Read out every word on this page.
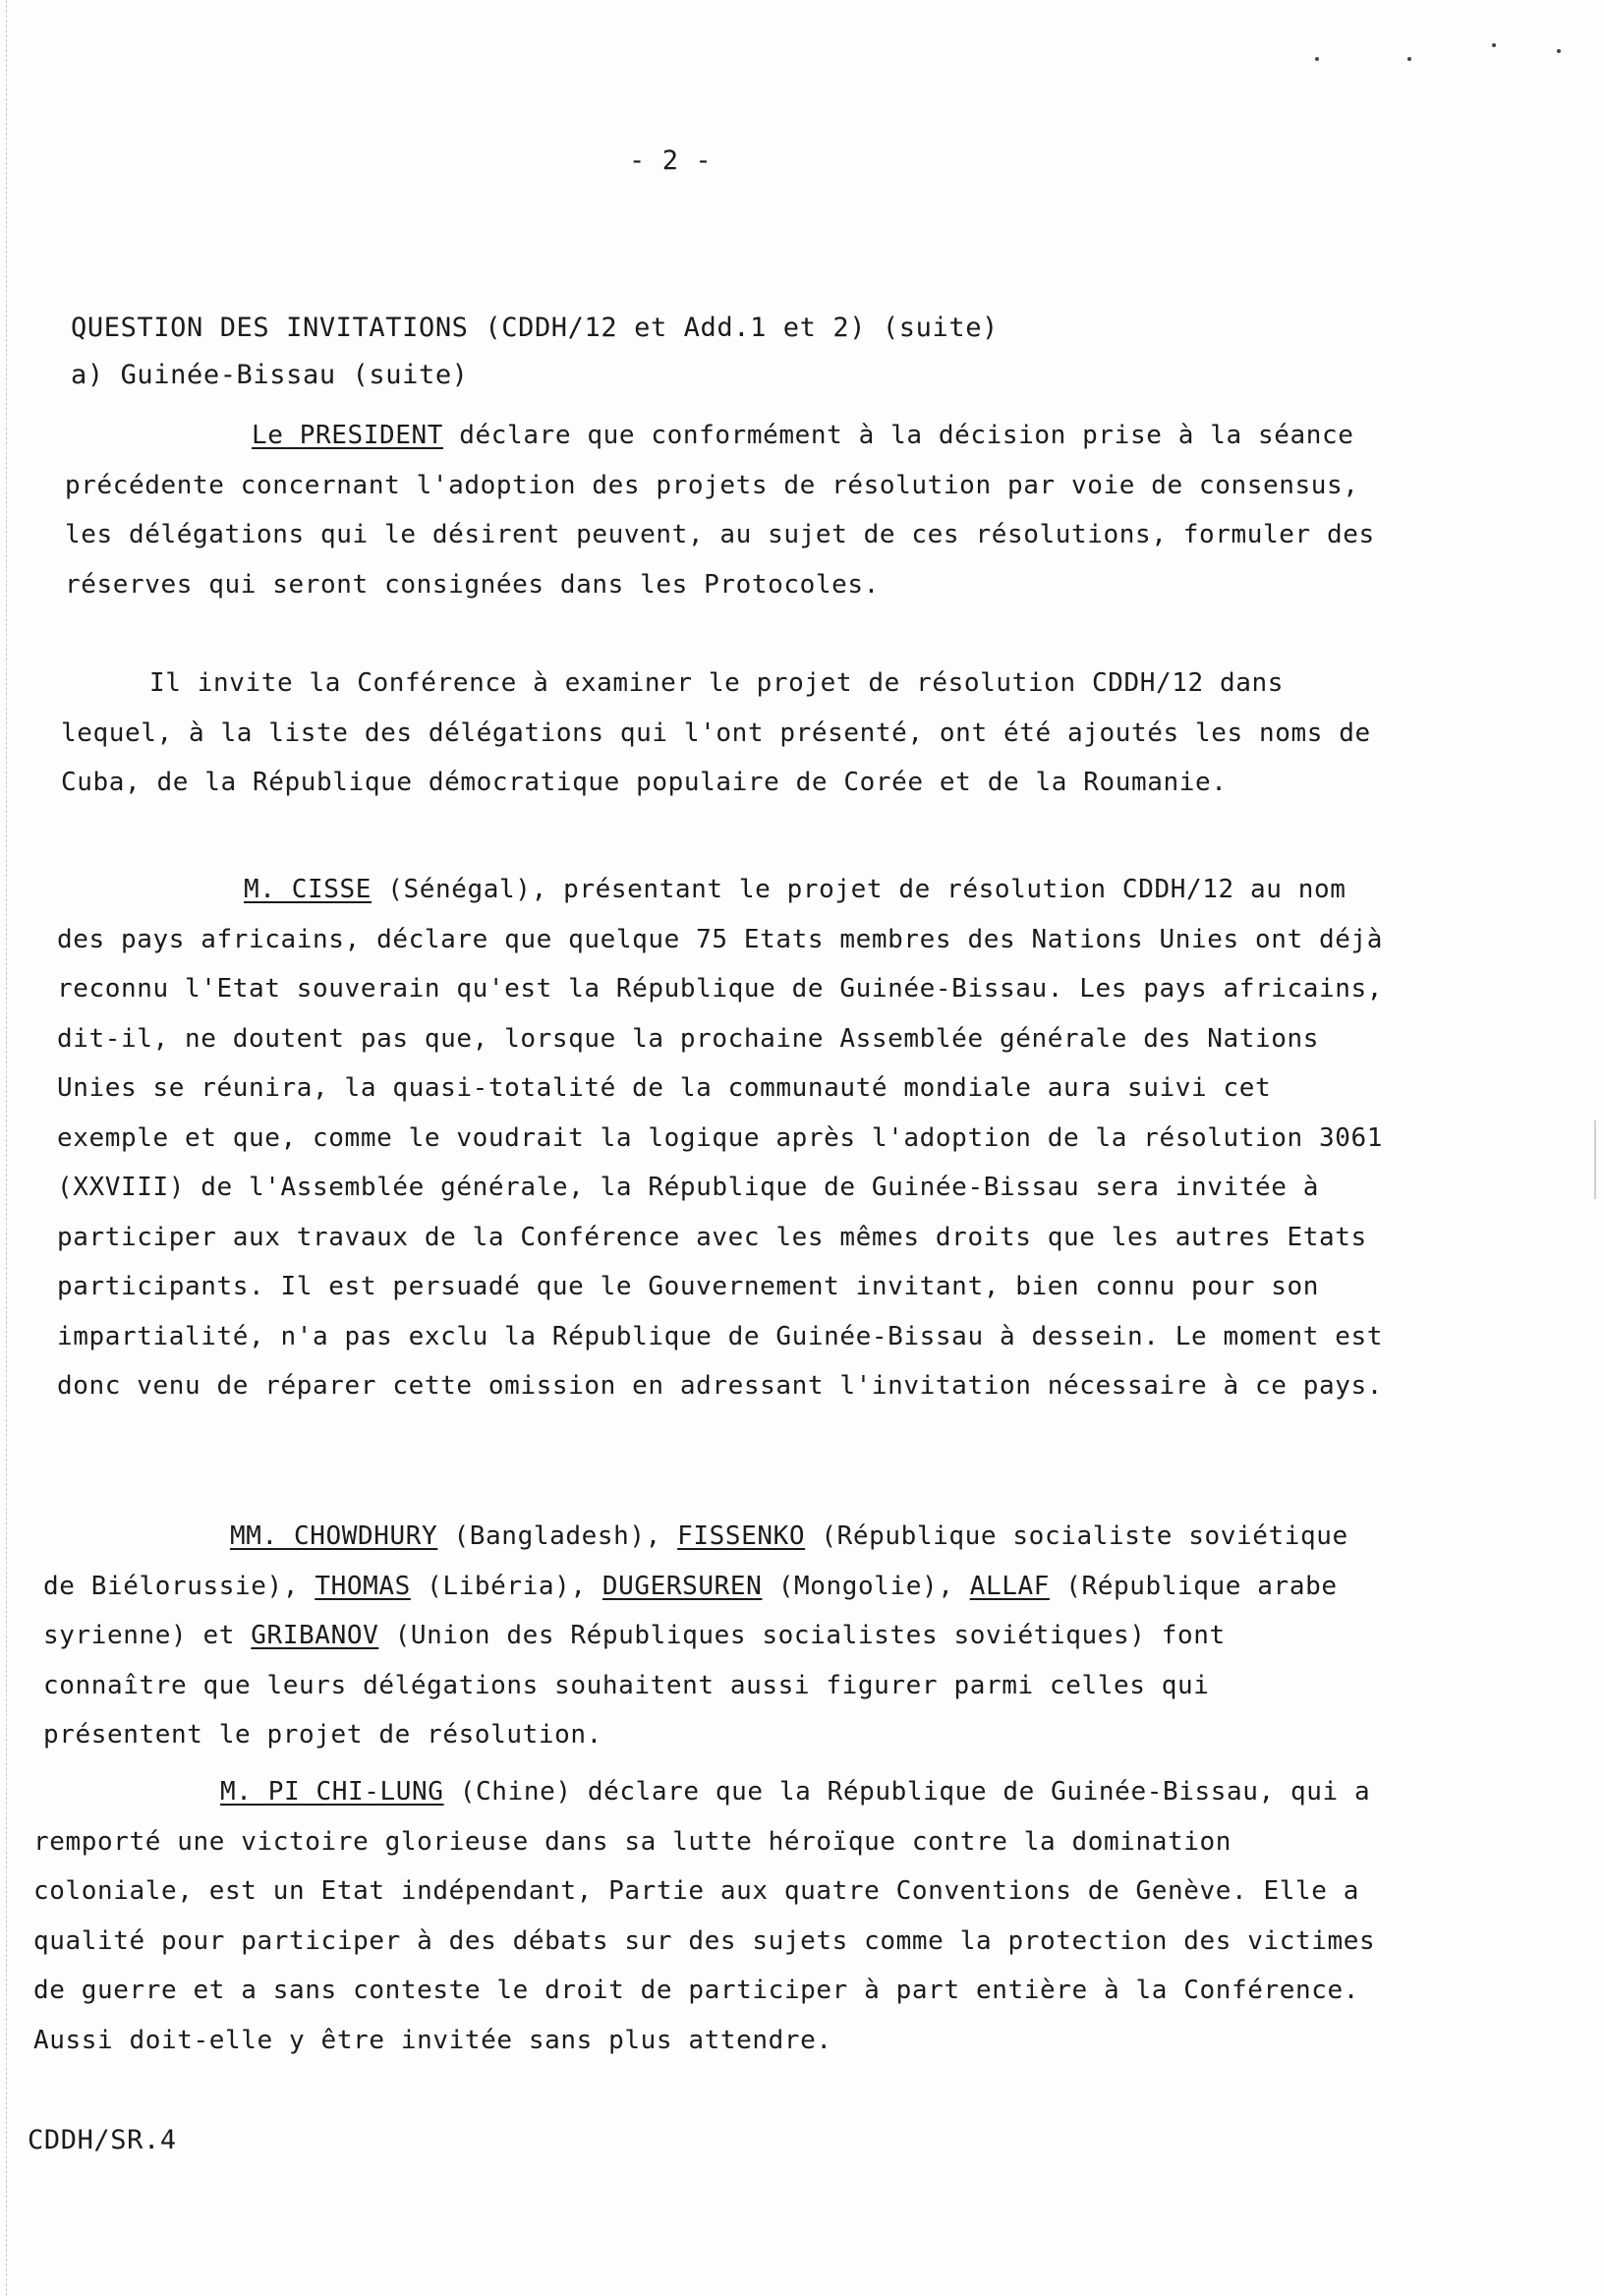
- 2 -
QUESTION DES INVITATIONS (CDDH/12 et Add.1 et 2) (suite)
a) Guinée-Bissau (suite)

Le PRESIDENT déclare que conformément à la décision prise à la séance précédente concernant l'adoption des projets de résolution par voie de consensus, les délégations qui le désirent peuvent, au sujet de ces résolutions, formuler des réserves qui seront consignées dans les Protocoles.

Il invite la Conférence à examiner le projet de résolution CDDH/12 dans lequel, à la liste des délégations qui l'ont présenté, ont été ajoutés les noms de Cuba, de la République démocratique populaire de Corée et de la Roumanie.

M. CISSE (Sénégal), présentant le projet de résolution CDDH/12 au nom des pays africains, déclare que quelque 75 Etats membres des Nations Unies ont déjà reconnu l'Etat souverain qu'est la République de Guinée-Bissau. Les pays africains, dit-il, ne doutent pas que, lorsque la prochaine Assemblée générale des Nations Unies se réunira, la quasi-totalité de la communauté mondiale aura suivi cet exemple et que, comme le voudrait la logique après l'adoption de la résolution 3061 (XXVIII) de l'Assemblée générale, la République de Guinée-Bissau sera invitée à participer aux travaux de la Conférence avec les mêmes droits que les autres Etats participants. Il est persuadé que le Gouvernement invitant, bien connu pour son impartialité, n'a pas exclu la République de Guinée-Bissau à dessein. Le moment est donc venu de réparer cette omission en adressant l'invitation nécessaire à ce pays.

MM. CHOWDHURY (Bangladesh), FISSENKO (République socialiste soviétique de Biélorussie), THOMAS (Libéria), DUGERSUREN (Mongolie), ALLAF (République arabe syrienne) et GRIBANOV (Union des Républiques socialistes soviétiques) font connaître que leurs délégations souhaitent aussi figurer parmi celles qui présentent le projet de résolution.

M. PI CHI-LUNG (Chine) déclare que la République de Guinée-Bissau, qui a remporté une victoire glorieuse dans sa lutte héroïque contre la domination coloniale, est un Etat indépendant, Partie aux quatre Conventions de Genève. Elle a qualité pour participer à des débats sur des sujets comme la protection des victimes de guerre et a sans conteste le droit de participer à part entière à la Conférence. Aussi doit-elle y être invitée sans plus attendre.

CDDH/SR.4
